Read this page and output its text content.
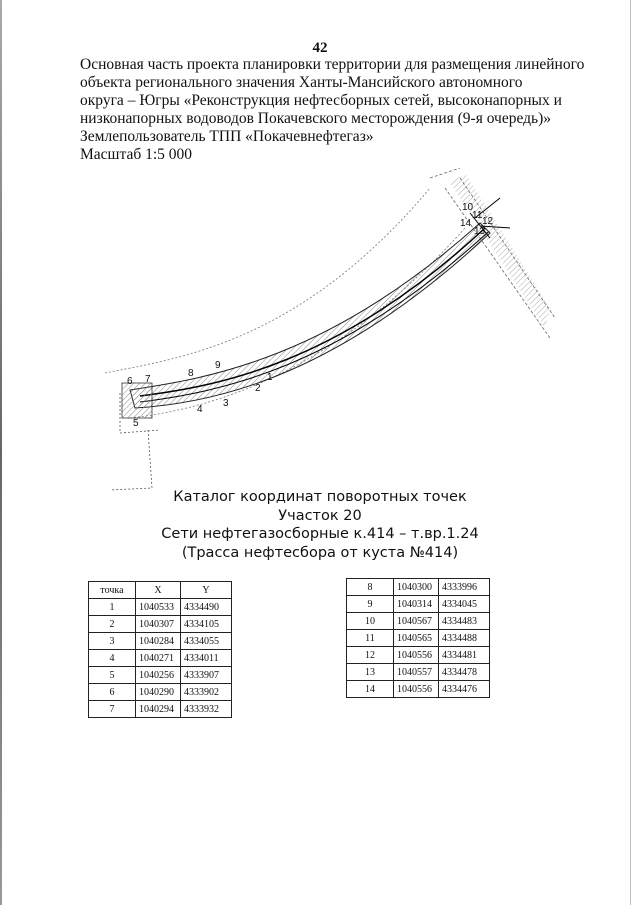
42
Основная часть проекта планировки территории для размещения линейного
объекта регионального значения Ханты-Мансийского автономного
округа – Югры «Реконструкция нефтесборных сетей, высоконапорных и
низконапорных водоводов Покачевского месторождения (9-я очередь)»
Землепользователь ТПП «Покачевнефтегаз»
Масштаб 1:5 000
1
2
3
4
5
6 7
8
9
10
11
12
13
14
Каталог координат поворотных точек
Участок 20
Сети нефтегазосборные к.414 – т.вр.1.24
(Трасса нефтесбора от куста №414)
точка	X	Y
1	1040533	4334490
2	1040307	4334105
3	1040284	4334055
4	1040271	4334011
5	1040256	4333907
6	1040290	4333902
7	1040294	4333932
8	1040300	4333996
9	1040314	4334045
10	1040567	4334483
11	1040565	4334488
12	1040556	4334481
13	1040557	4334478
14	1040556	4334476
